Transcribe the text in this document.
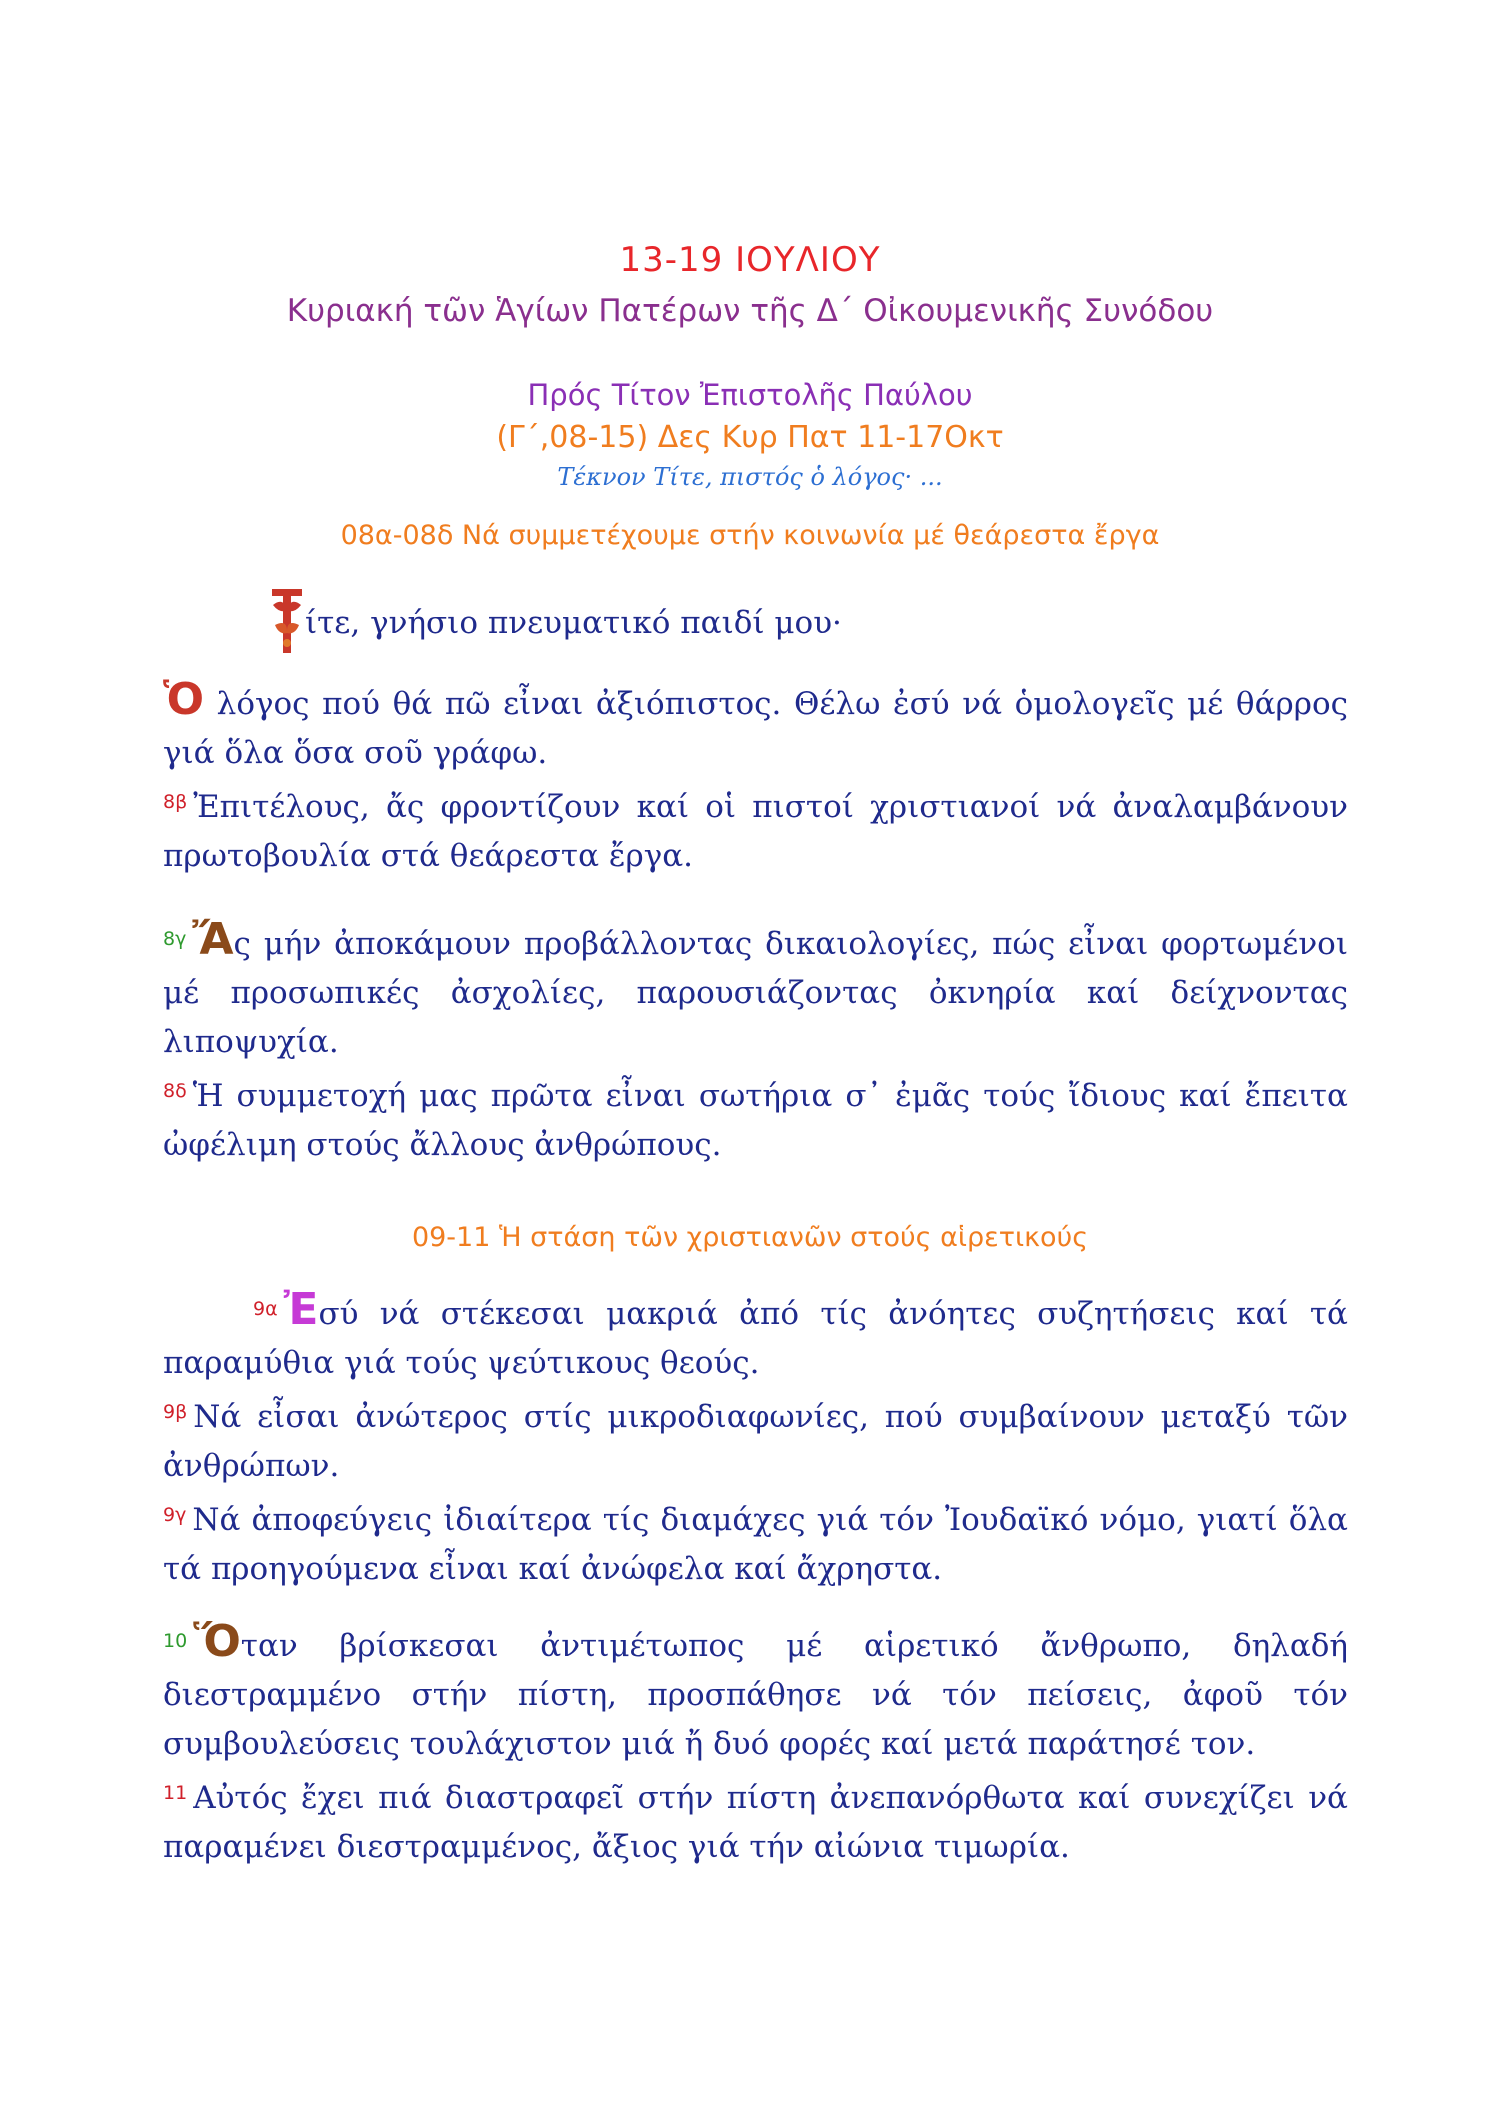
13-19 ΙΟΥΛΙΟΥ
Κυριακή τῶν Ἁγίων Πατέρων τῆς Δ΄ Οἰκουμενικῆς Συνόδου
Πρός Τίτον Ἐπιστολῆς Παύλου
(Γ΄,08-15) Δες Κυρ Πατ 11-17Οκτ
Τέκνον Τίτε, πιστός ὁ λόγος· ...
08α-08δ Νά συμμετέχουμε στήν κοινωνία μέ θεάρεστα ἔργα
Τ
ίτε, γνήσιο πνευματικό παιδί μου·
Ὁ λόγος πού θά πῶ εἶναι ἀξιόπιστος. Θέλω ἐσύ νά ὁμολογεῖς μέ θάρρος γιά ὅλα ὅσα σοῦ γράφω.
$^{8\beta}$ Ἐπιτέλους, ἄς φροντίζουν καί οἱ πιστοί χριστιανοί νά ἀναλαμβάνουν πρωτοβουλία στά θεάρεστα ἔργα.
$^{8\gamma}$ Ἄς μήν ἀποκάμουν προβάλλοντας δικαιολογίες, πώς εἶναι φορτωμένοι μέ προσωπικές ἀσχολίες, παρουσιάζοντας ὀκνηρία καί δείχνοντας λιποψυχία.
$^{8\delta}$ Ἡ συμμετοχή μας πρῶτα εἶναι σωτήρια σ᾽ ἐμᾶς τούς ἴδιους καί ἔπειτα ὠφέλιμη στούς ἄλλους ἀνθρώπους.
09-11 Ἡ στάση τῶν χριστιανῶν στούς αἱρετικούς
$^{9\alpha}$ Ἐσύ νά στέκεσαι μακριά ἀπό τίς ἀνόητες συζητήσεις καί τά παραμύθια γιά τούς ψεύτικους θεούς.
$^{9\beta}$ Νά εἶσαι ἀνώτερος στίς μικροδιαφωνίες, πού συμβαίνουν μεταξύ τῶν ἀνθρώπων.
$^{9\gamma}$ Νά ἀποφεύγεις ἰδιαίτερα τίς διαμάχες γιά τόν Ἰουδαϊκό νόμο, γιατί ὅλα τά προηγούμενα εἶναι καί ἀνώφελα καί ἄχρηστα.
$^{10}$ Ὅταν βρίσκεσαι ἀντιμέτωπος μέ αἱρετικό ἄνθρωπο, δηλαδή διεστραμμένο στήν πίστη, προσπάθησε νά τόν πείσεις, ἀφοῦ τόν συμβουλεύσεις τουλάχιστον μιά ἤ δυό φορές καί μετά παράτησέ τον.
$^{11}$ Αὐτός ἔχει πιά διαστραφεῖ στήν πίστη ἀνεπανόρθωτα καί συνεχίζει νά παραμένει διεστραμμένος, ἄξιος γιά τήν αἰώνια τιμωρία.
